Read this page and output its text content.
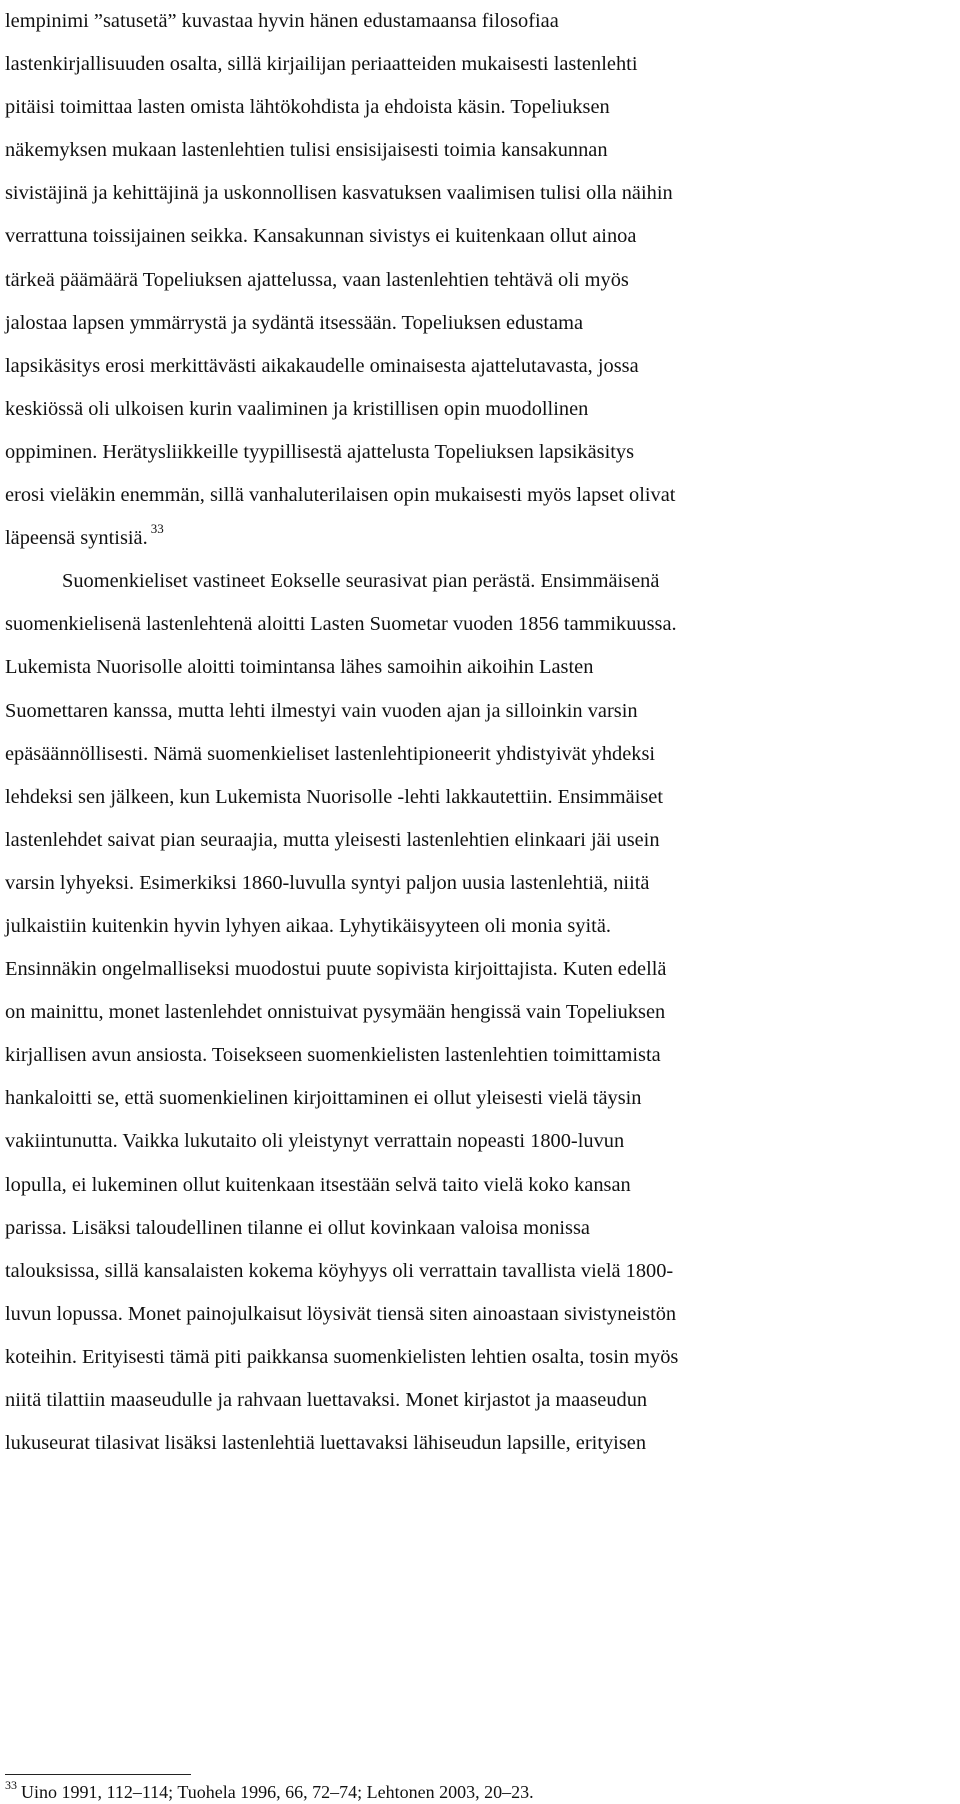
lempinimi ”satusetä” kuvastaa hyvin hänen edustamaansa filosofiaa
lastenkirjallisuuden osalta, sillä kirjailijan periaatteiden mukaisesti lastenlehti
pitäisi toimittaa lasten omista lähtökohdista ja ehdoista käsin. Topeliuksen
näkemyksen mukaan lastenlehtien tulisi ensisijaisesti toimia kansakunnan
sivistäjinä ja kehittäjinä ja uskonnollisen kasvatuksen vaalimisen tulisi olla näihin
verrattuna toissijainen seikka. Kansakunnan sivistys ei kuitenkaan ollut ainoa
tärkeä päämäärä Topeliuksen ajattelussa, vaan lastenlehtien tehtävä oli myös
jalostaa lapsen ymmärrystä ja sydäntä itsessään. Topeliuksen edustama
lapsikäsitys erosi merkittävästi aikakaudelle ominaisesta ajattelutavasta, jossa
keskiössä oli ulkoisen kurin vaaliminen ja kristillisen opin muodollinen
oppiminen. Herätysliikkeille tyypillisestä ajattelusta Topeliuksen lapsikäsitys
erosi vieläkin enemmän, sillä vanhaluterilaisen opin mukaisesti myös lapset olivat
läpeensä syntisiä. $^{33}$
Suomenkieliset vastineet Eokselle seurasivat pian perästä. Ensimmäisenä
suomenkielisenä lastenlehtenä aloitti Lasten Suometar vuoden 1856 tammikuussa.
Lukemista Nuorisolle aloitti toimintansa lähes samoihin aikoihin Lasten
Suomettaren kanssa, mutta lehti ilmestyi vain vuoden ajan ja silloinkin varsin
epäsäännöllisesti. Nämä suomenkieliset lastenlehtipioneerit yhdistyivät yhdeksi
lehdeksi sen jälkeen, kun Lukemista Nuorisolle -lehti lakkautettiin. Ensimmäiset
lastenlehdet saivat pian seuraajia, mutta yleisesti lastenlehtien elinkaari jäi usein
varsin lyhyeksi. Esimerkiksi 1860-luvulla syntyi paljon uusia lastenlehtiä, niitä
julkaistiin kuitenkin hyvin lyhyen aikaa. Lyhytikäisyyteen oli monia syitä.
Ensinnäkin ongelmalliseksi muodostui puute sopivista kirjoittajista. Kuten edellä
on mainittu, monet lastenlehdet onnistuivat pysymään hengissä vain Topeliuksen
kirjallisen avun ansiosta. Toisekseen suomenkielisten lastenlehtien toimittamista
hankaloitti se, että suomenkielinen kirjoittaminen ei ollut yleisesti vielä täysin
vakiintunutta. Vaikka lukutaito oli yleistynyt verrattain nopeasti 1800-luvun
lopulla, ei lukeminen ollut kuitenkaan itsestään selvä taito vielä koko kansan
parissa. Lisäksi taloudellinen tilanne ei ollut kovinkaan valoisa monissa
talouksissa, sillä kansalaisten kokema köyhyys oli verrattain tavallista vielä 1800-
luvun lopussa. Monet painojulkaisut löysivät tiensä siten ainoastaan sivistyneistön
koteihin. Erityisesti tämä piti paikkansa suomenkielisten lehtien osalta, tosin myös
niitä tilattiin maaseudulle ja rahvaan luettavaksi. Monet kirjastot ja maaseudun
lukuseurat tilasivat lisäksi lastenlehtiä luettavaksi lähiseudun lapsille, erityisen
$^{33}$ Uino 1991, 112–114; Tuohela 1996, 66, 72–74; Lehtonen 2003, 20–23.
